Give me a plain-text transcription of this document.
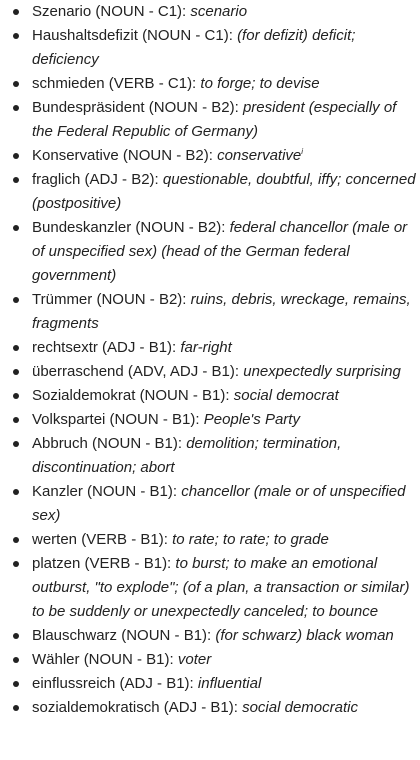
Szenario (NOUN - C1): scenario
Haushaltsdefizit (NOUN - C1): (for defizit) deficit; deficiency
schmieden (VERB - C1): to forge; to devise
Bundespräsident (NOUN - B2): president (especially of the Federal Republic of Germany)
Konservative (NOUN - B2): conservative$^i$
fraglich (ADJ - B2): questionable, doubtful, iffy; concerned (postpositive)
Bundeskanzler (NOUN - B2): federal chancellor (male or of unspecified sex) (head of the German federal government)
Trümmer (NOUN - B2): ruins, debris, wreckage, remains, fragments
rechtsextr (ADJ - B1): far-right
überraschend (ADV, ADJ - B1): unexpectedly surprising
Sozialdemokrat (NOUN - B1): social democrat
Volkspartei (NOUN - B1): People's Party
Abbruch (NOUN - B1): demolition; termination, discontinuation; abort
Kanzler (NOUN - B1): chancellor (male or of unspecified sex)
werten (VERB - B1): to rate; to rate; to grade
platzen (VERB - B1): to burst; to make an emotional outburst, "to explode"; (of a plan, a transaction or similar) to be suddenly or unexpectedly canceled; to bounce
Blauschwarz (NOUN - B1): (for schwarz) black woman
Wähler (NOUN - B1): voter
einflussreich (ADJ - B1): influential
sozialdemokratisch (ADJ - B1): social democratic
